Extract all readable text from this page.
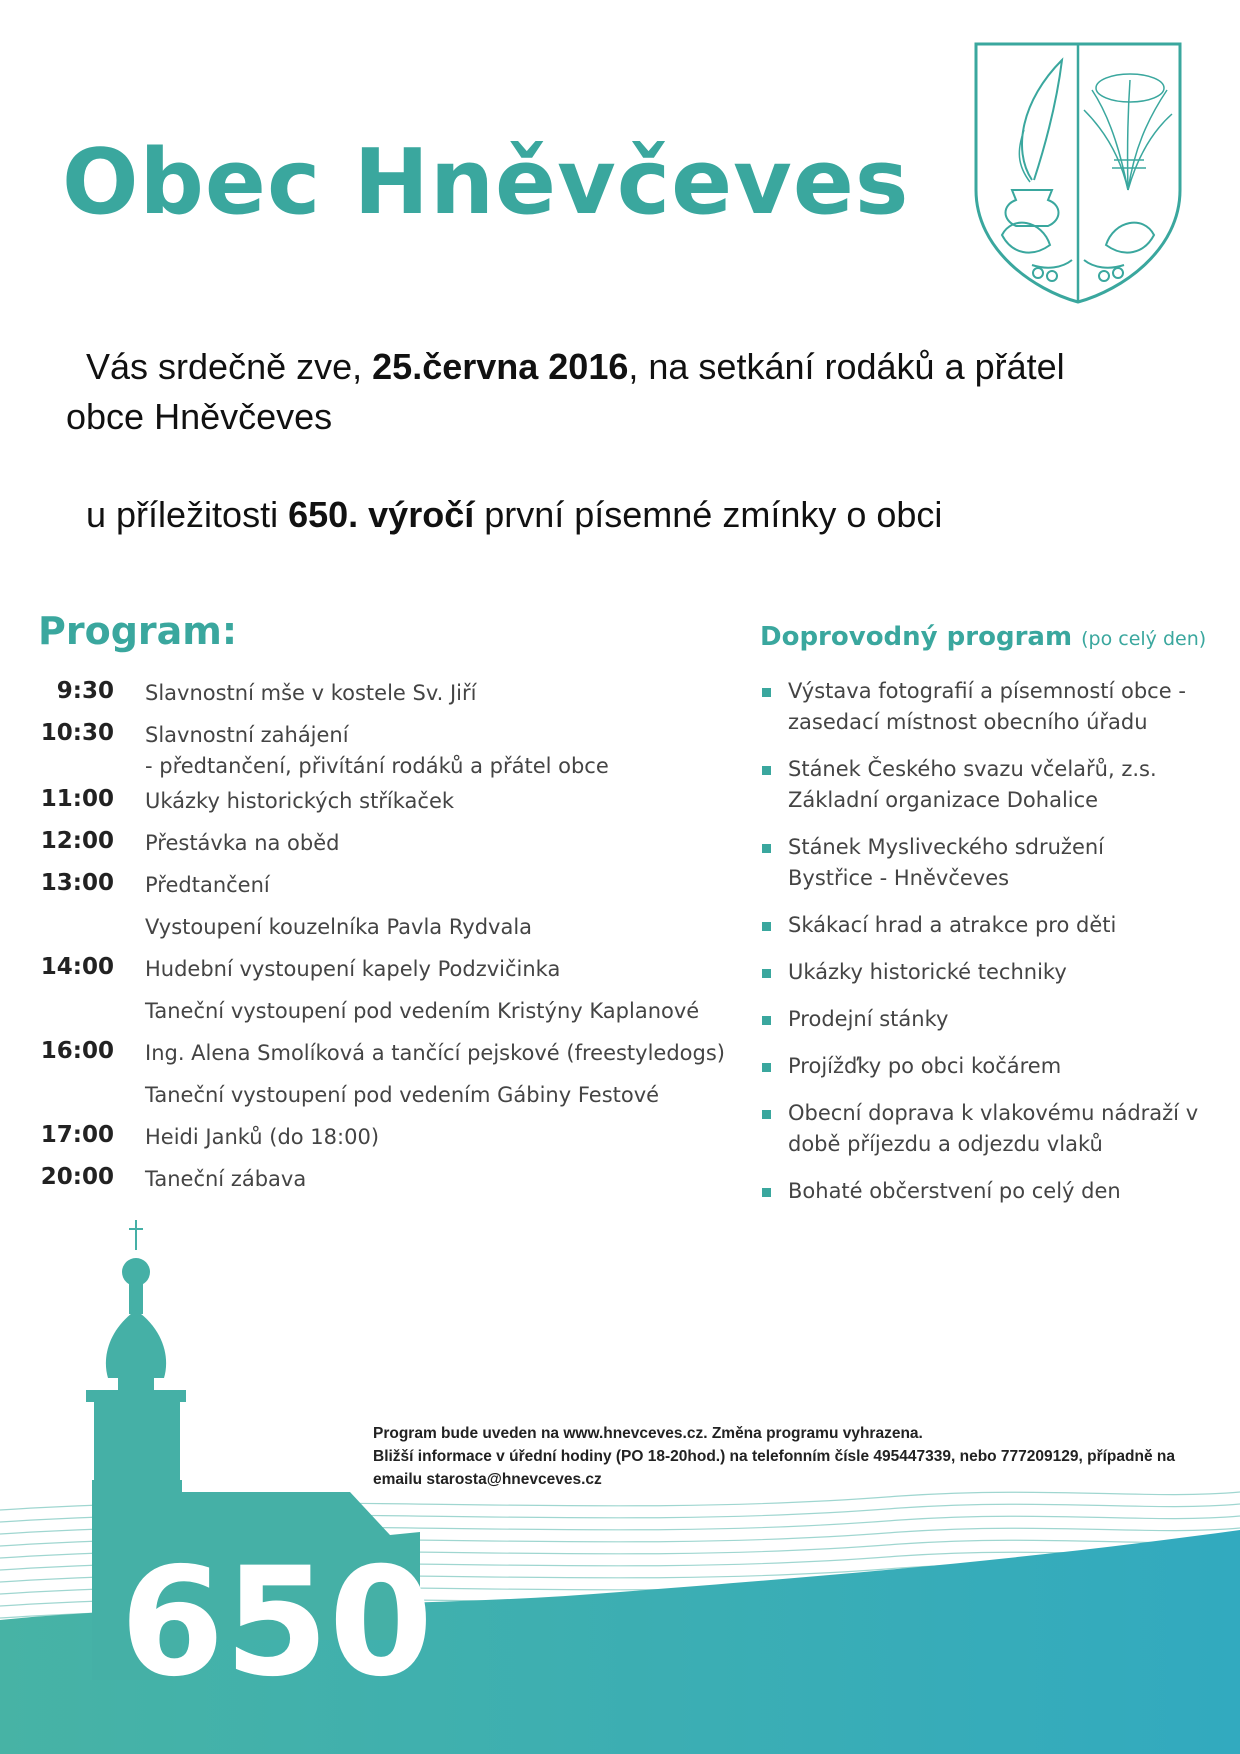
Obec Hněvčeves
Vás srdečně zve, 25.června 2016, na setkání rodáků a přátel
obce Hněvčeves
u příležitosti 650. výročí první písemné zmínky o obci
Program:
9:30 Slavnostní mše v kostele Sv. Jiří
10:30 Slavnostní zahájení
- předtančení, přivítání rodáků a přátel obce
11:00 Ukázky historických stříkaček
12:00 Přestávka na oběd
13:00 Předtančení
Vystoupení kouzelníka Pavla Rydvala
14:00 Hudební vystoupení kapely Podzvičinka
Taneční vystoupení pod vedením Kristýny Kaplanové
16:00 Ing. Alena Smolíková a tančící pejskové (freestyledogs)
Taneční vystoupení pod vedením Gábiny Festové
17:00 Heidi Janků (do 18:00)
20:00 Taneční zábava
Doprovodný program (po celý den)
Výstava fotografií a písemností obce -
zasedací místnost obecního úřadu
Stánek Českého svazu včelařů, z.s.
Základní organizace Dohalice
Stánek Mysliveckého sdružení
Bystřice - Hněvčeves
Skákací hrad a atrakce pro děti
Ukázky historické techniky
Prodejní stánky
Projížďky po obci kočárem
Obecní doprava k vlakovému nádraží v
době příjezdu a odjezdu vlaků
Bohaté občerstvení po celý den
Program bude uveden na www.hnevceves.cz. Změna programu vyhrazena.
Bližší informace v úřední hodiny (PO 18-20hod.) na telefonním čísle 495447339, nebo 777209129, případně na
emailu starosta@hnevceves.cz
650
